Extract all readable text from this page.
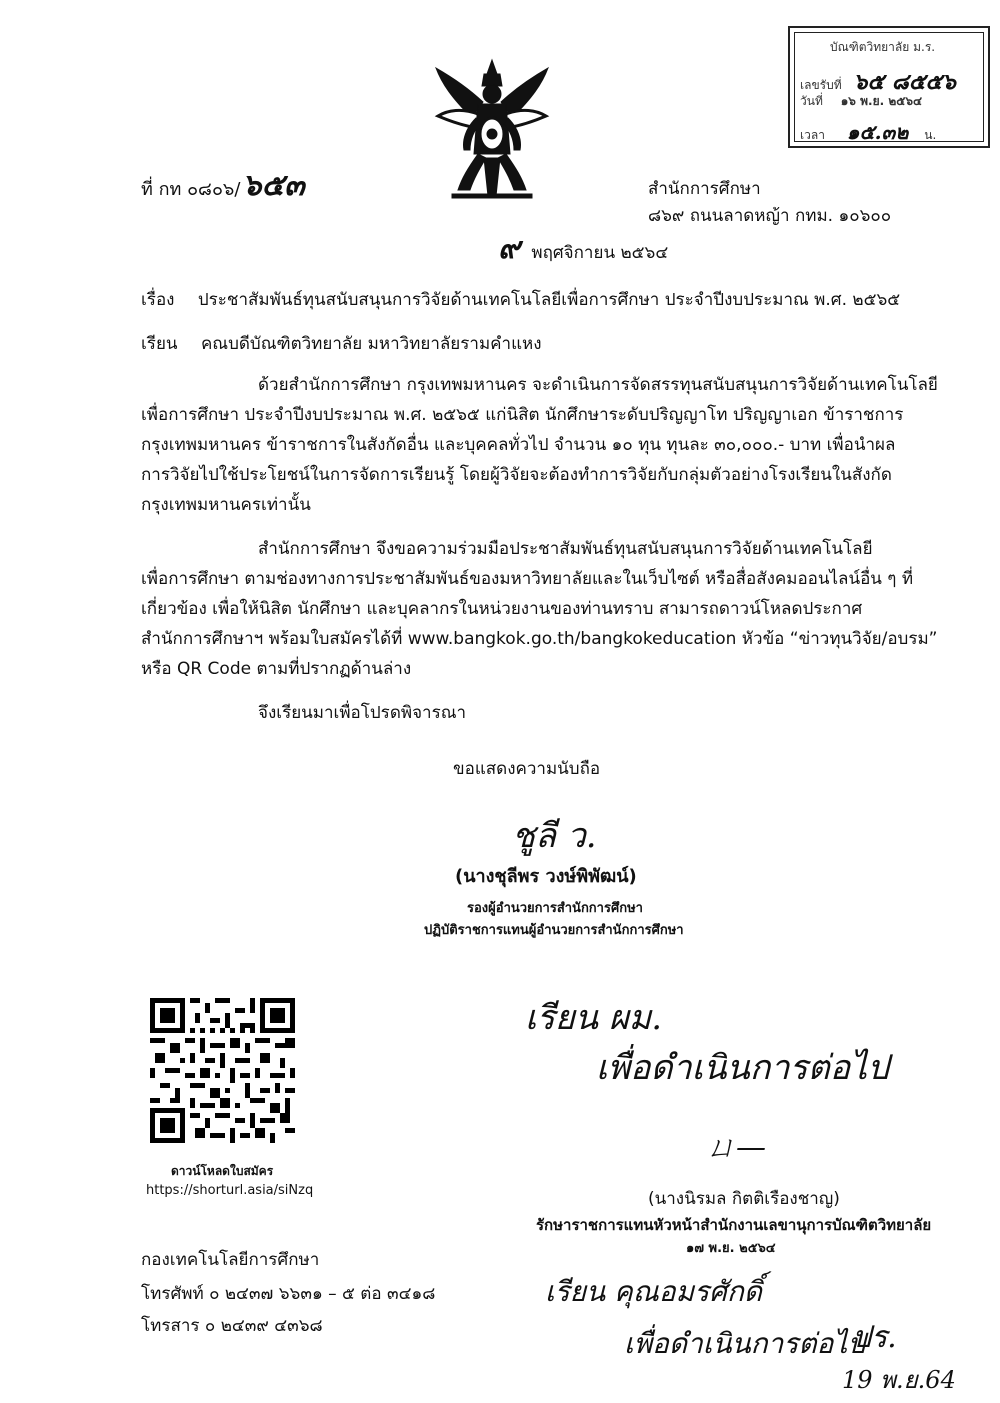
บัณฑิตวิทยาลัย ม.ร.
เลขรับที่ ๖๕ ๘๕๕๖
วันที่ ๑๖ พ.ย. ๒๕๖๔
เวลา ๑๕.๓๒ น.
ที่ กท ๐๘๐๖/๖๕๓	สำนักการศึกษา
๘๖๙ ถนนลาดหญ้า กทม. ๑๐๖๐๐
๙ พฤศจิกายน ๒๕๖๔
เรื่อง ประชาสัมพันธ์ทุนสนับสนุนการวิจัยด้านเทคโนโลยีเพื่อการศึกษา ประจำปีงบประมาณ พ.ศ. ๒๕๖๕
เรียน คณบดีบัณฑิตวิทยาลัย มหาวิทยาลัยรามคำแหง
ด้วยสำนักการศึกษา กรุงเทพมหานคร จะดำเนินการจัดสรรทุนสนับสนุนการวิจัยด้านเทคโนโลยี
เพื่อการศึกษา ประจำปีงบประมาณ พ.ศ. ๒๕๖๕ แก่นิสิต นักศึกษาระดับปริญญาโท ปริญญาเอก ข้าราชการ
กรุงเทพมหานคร ข้าราชการในสังกัดอื่น และบุคคลทั่วไป จำนวน ๑๐ ทุน ทุนละ ๓๐,๐๐๐.- บาท เพื่อนำผล
การวิจัยไปใช้ประโยชน์ในการจัดการเรียนรู้ โดยผู้วิจัยจะต้องทำการวิจัยกับกลุ่มตัวอย่างโรงเรียนในสังกัด
กรุงเทพมหานครเท่านั้น
สำนักการศึกษา จึงขอความร่วมมือประชาสัมพันธ์ทุนสนับสนุนการวิจัยด้านเทคโนโลยี
เพื่อการศึกษา ตามช่องทางการประชาสัมพันธ์ของมหาวิทยาลัยและในเว็บไซต์ หรือสื่อสังคมออนไลน์อื่น ๆ ที่
เกี่ยวข้อง เพื่อให้นิสิต นักศึกษา และบุคลากรในหน่วยงานของท่านทราบ สามารถดาวน์โหลดประกาศ
สำนักการศึกษาฯ พร้อมใบสมัครได้ที่ www.bangkok.go.th/bangkokeducation หัวข้อ “ข่าวทุนวิจัย/อบรม”
หรือ QR Code ตามที่ปรากฏด้านล่าง
จึงเรียนมาเพื่อโปรดพิจารณา
ขอแสดงความนับถือ
ชูลี ว.
(นางชุลีพร วงษ์พิพัฒน์)
รองผู้อำนวยการสำนักการศึกษา
ปฏิบัติราชการแทนผู้อำนวยการสำนักการศึกษา
ดาวน์โหลดใบสมัคร
https://shorturl.asia/siNzq
กองเทคโนโลยีการศึกษา
โทรศัพท์ ๐ ๒๔๓๗ ๖๖๓๑ – ๕ ต่อ ๓๔๑๘
โทรสาร ๐ ๒๔๓๙ ๔๓๖๘
เรียน ผม.
เพื่อดำเนินการต่อไป
ㄩ—
(นางนิรมล กิตติเรืองชาญ)
รักษาราชการแทนหัวหน้าสำนักงานเลขานุการบัณฑิตวิทยาลัย
๑๗ พ.ย. ๒๕๖๔
เรียน คุณอมรศักดิ์
เพื่อดำเนินการต่อไป
ปร.
19 พ.ย.64
